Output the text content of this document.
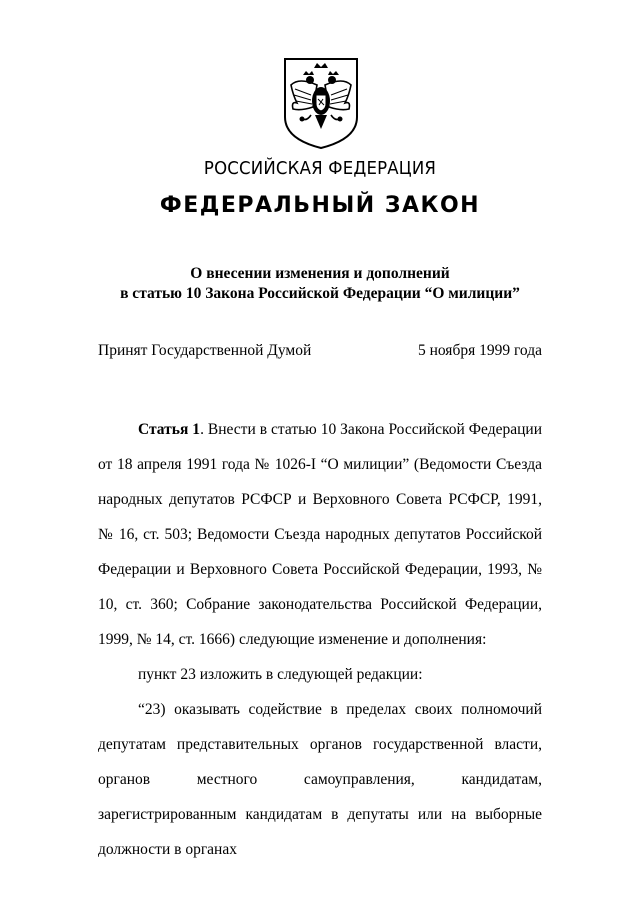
РОССИЙСКАЯ ФЕДЕРАЦИЯ
ФЕДЕРАЛЬНЫЙ ЗАКОН
О внесении изменения и дополнений
в статью 10 Закона Российской Федерации “О милиции”
Принят Государственной Думой	5 ноября 1999 года

Статья 1. Внести в статью 10 Закона Российской Федерации от 18 апреля 1991 года № 1026-I “О милиции” (Ведомости Съезда народных депутатов РСФСР и Верховного Совета РСФСР, 1991, № 16, ст. 503; Ведомости Съезда народных депутатов Российской Федерации и Верховного Совета Российской Федерации, 1993, № 10, ст. 360; Собрание законодательства Российской Федерации, 1999, № 14, ст. 1666) следующие изменение и дополнения:

пункт 23 изложить в следующей редакции:

“23) оказывать содействие в пределах своих полномочий депутатам представительных органов государственной власти, органов местного самоуправления, кандидатам, зарегистрированным кандидатам в депутаты или на выборные должности в органах
